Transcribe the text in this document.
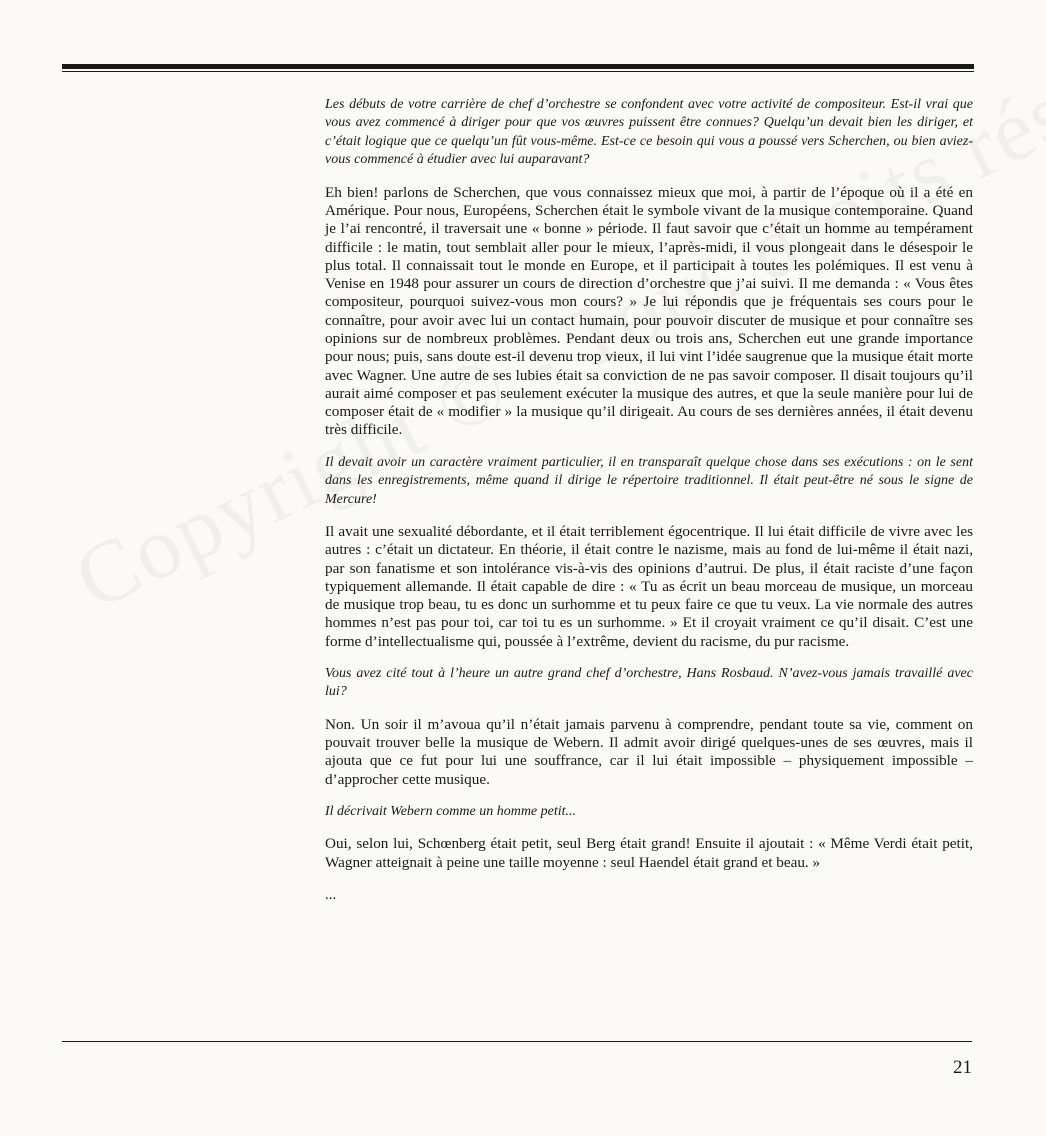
Les débuts de votre carrière de chef d’orchestre se confondent avec votre activité de compositeur. Est-il vrai que vous avez commencé à diriger pour que vos œuvres puissent être connues? Quelqu’un devait bien les diriger, et c’était logique que ce quelqu’un fût vous-même. Est-ce ce besoin qui vous a poussé vers Scherchen, ou bien aviez-vous commencé à étudier avec lui auparavant?

Eh bien! parlons de Scherchen, que vous connaissez mieux que moi, à partir de l’époque où il a été en Amérique. Pour nous, Européens, Scherchen était le symbole vivant de la musique contemporaine. Quand je l’ai rencontré, il traversait une « bonne » période. Il faut savoir que c’était un homme au tempérament difficile : le matin, tout semblait aller pour le mieux, l’après-midi, il vous plongeait dans le désespoir le plus total. Il connaissait tout le monde en Europe, et il participait à toutes les polémiques. Il est venu à Venise en 1948 pour assurer un cours de direction d’orchestre que j’ai suivi. Il me demanda : « Vous êtes compositeur, pourquoi suivez-vous mon cours? » Je lui répondis que je fréquentais ses cours pour le connaître, pour avoir avec lui un contact humain, pour pouvoir discuter de musique et pour connaître ses opinions sur de nombreux problèmes. Pendant deux ou trois ans, Scherchen eut une grande importance pour nous; puis, sans doute est-il devenu trop vieux, il lui vint l’idée saugrenue que la musique était morte avec Wagner. Une autre de ses lubies était sa conviction de ne pas savoir composer. Il disait toujours qu’il aurait aimé composer et pas seulement exécuter la musique des autres, et que la seule manière pour lui de composer était de « modifier » la musique qu’il dirigeait. Au cours de ses dernières années, il était devenu très difficile.

Il devait avoir un caractère vraiment particulier, il en transparaît quelque chose dans ses exécutions : on le sent dans les enregistrements, même quand il dirige le répertoire traditionnel. Il était peut-être né sous le signe de Mercure!

Il avait une sexualité débordante, et il était terriblement égocentrique. Il lui était difficile de vivre avec les autres : c’était un dictateur. En théorie, il était contre le nazisme, mais au fond de lui-même il était nazi, par son fanatisme et son intolérance vis-à-vis des opinions d’autrui. De plus, il était raciste d’une façon typiquement allemande. Il était capable de dire : « Tu as écrit un beau morceau de musique, un morceau de musique trop beau, tu es donc un surhomme et tu peux faire ce que tu veux. La vie normale des autres hommes n’est pas pour toi, car toi tu es un surhomme. » Et il croyait vraiment ce qu’il disait. C’est une forme d’intellectualisme qui, poussée à l’extrême, devient du racisme, du pur racisme.

Vous avez cité tout à l’heure un autre grand chef d’orchestre, Hans Rosbaud. N’avez-vous jamais travaillé avec lui?

Non. Un soir il m’avoua qu’il n’était jamais parvenu à comprendre, pendant toute sa vie, comment on pouvait trouver belle la musique de Webern. Il admit avoir dirigé quelques-unes de ses œuvres, mais il ajouta que ce fut pour lui une souffrance, car il lui était impossible – physiquement impossible – d’approcher cette musique.

Il décrivait Webern comme un homme petit...

Oui, selon lui, Schœnberg était petit, seul Berg était grand! Ensuite il ajoutait : « Même Verdi était petit, Wagner atteignait à peine une taille moyenne : seul Haendel était grand et beau. »

...

21
